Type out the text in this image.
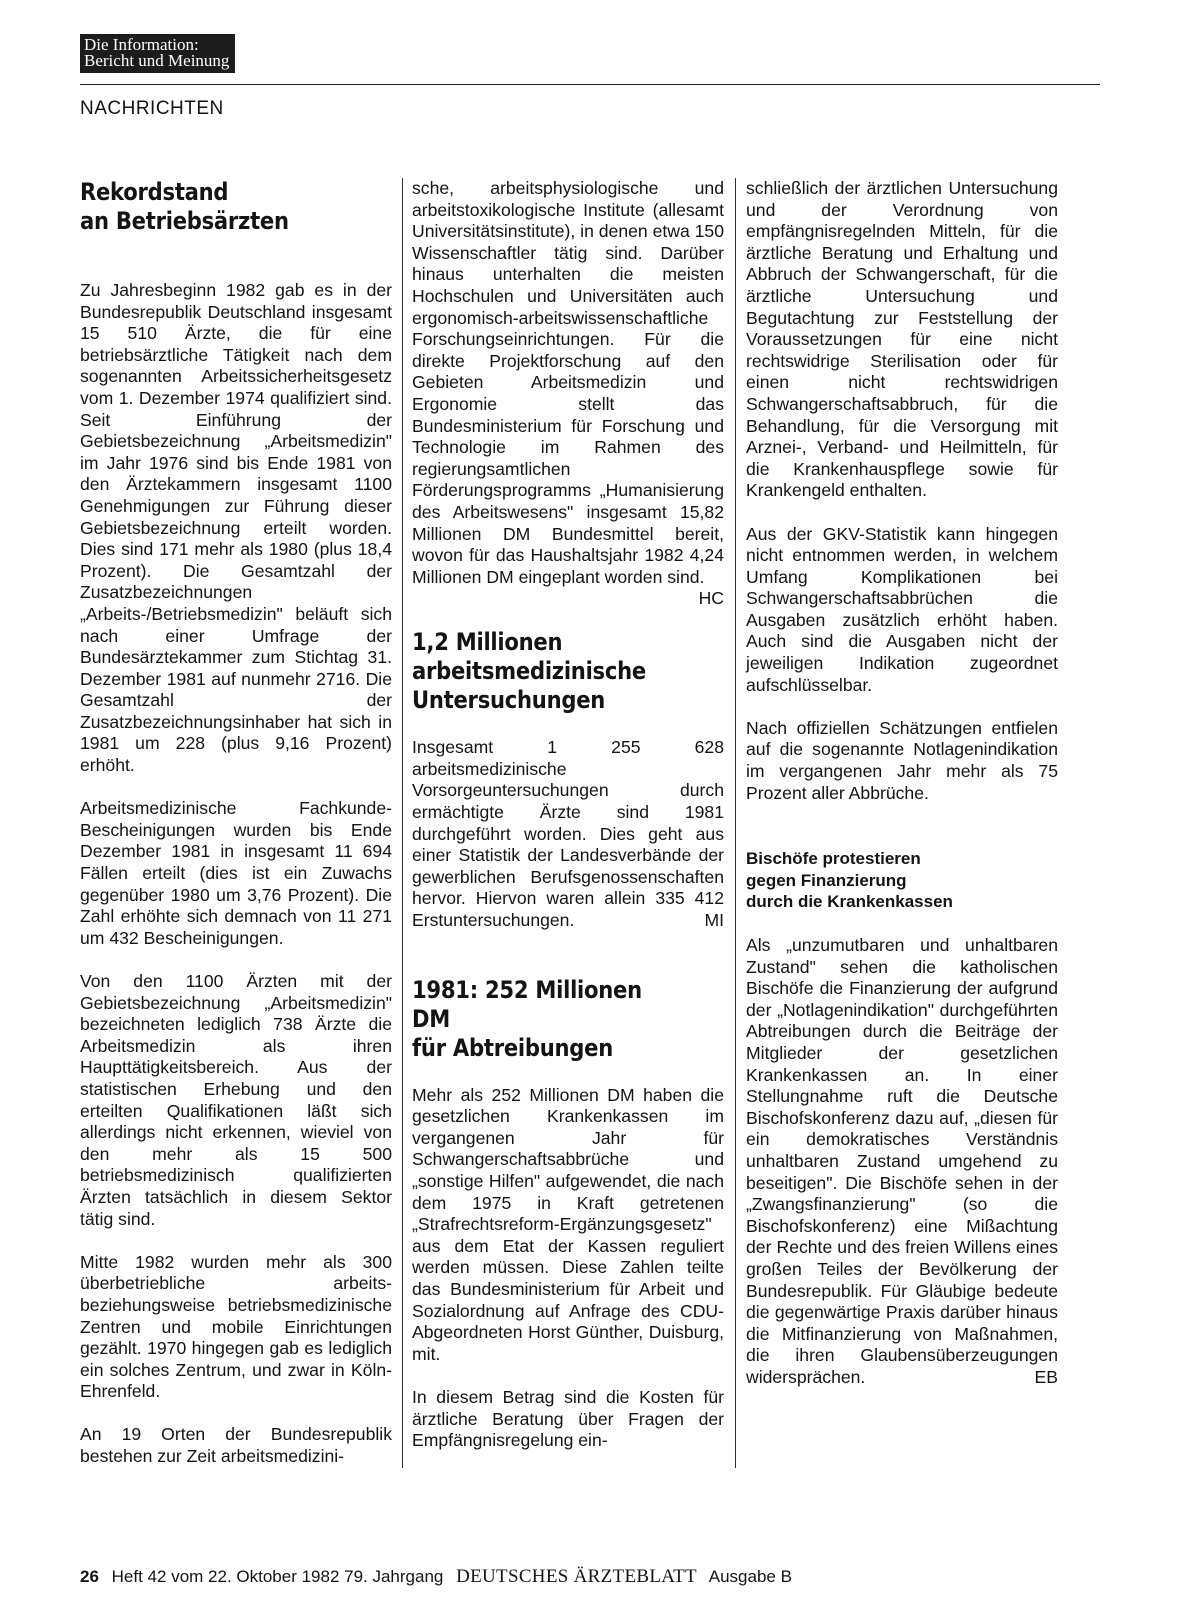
Die Information:
Bericht und Meinung
NACHRICHTEN
Rekordstand
an Betriebsärzten

Zu Jahresbeginn 1982 gab es in der Bundesrepublik Deutschland insgesamt 15 510 Ärzte, die für eine betriebsärztliche Tätigkeit nach dem sogenannten Arbeitssicherheitsgesetz vom 1. Dezember 1974 qualifiziert sind. Seit Einführung der Gebietsbezeichnung „Arbeitsmedizin" im Jahr 1976 sind bis Ende 1981 von den Ärztekammern insgesamt 1100 Genehmigungen zur Führung dieser Gebietsbezeichnung erteilt worden. Dies sind 171 mehr als 1980 (plus 18,4 Prozent). Die Gesamtzahl der Zusatzbezeichnungen „Arbeits-/Betriebsmedizin" beläuft sich nach einer Umfrage der Bundesärztekammer zum Stichtag 31. Dezember 1981 auf nunmehr 2716. Die Gesamtzahl der Zusatzbezeichnungsinhaber hat sich in 1981 um 228 (plus 9,16 Prozent) erhöht.

Arbeitsmedizinische Fachkunde-Bescheinigungen wurden bis Ende Dezember 1981 in insgesamt 11 694 Fällen erteilt (dies ist ein Zuwachs gegenüber 1980 um 3,76 Prozent). Die Zahl erhöhte sich demnach von 11 271 um 432 Bescheinigungen.

Von den 1100 Ärzten mit der Gebietsbezeichnung „Arbeitsmedizin" bezeichneten lediglich 738 Ärzte die Arbeitsmedizin als ihren Haupttätigkeitsbereich. Aus der statistischen Erhebung und den erteilten Qualifikationen läßt sich allerdings nicht erkennen, wieviel von den mehr als 15 500 betriebsmedizinisch qualifizierten Ärzten tatsächlich in diesem Sektor tätig sind.

Mitte 1982 wurden mehr als 300 überbetriebliche arbeits- beziehungsweise betriebsmedizinische Zentren und mobile Einrichtungen gezählt. 1970 hingegen gab es lediglich ein solches Zentrum, und zwar in Köln-Ehrenfeld.

An 19 Orten der Bundesrepublik bestehen zur Zeit arbeitsmedizini-

sche, arbeitsphysiologische und arbeitstoxikologische Institute (allesamt Universitätsinstitute), in denen etwa 150 Wissenschaftler tätig sind. Darüber hinaus unterhalten die meisten Hochschulen und Universitäten auch ergonomisch-arbeitswissenschaftliche Forschungseinrichtungen. Für die direkte Projektforschung auf den Gebieten Arbeitsmedizin und Ergonomie stellt das Bundesministerium für Forschung und Technologie im Rahmen des regierungsamtlichen Förderungsprogramms „Humanisierung des Arbeitswesens" insgesamt 15,82 Millionen DM Bundesmittel bereit, wovon für das Haushaltsjahr 1982 4,24 Millionen DM eingeplant worden sind.
HC

1,2 Millionen
arbeitsmedizinische
Untersuchungen

Insgesamt 1 255 628 arbeitsmedizinische Vorsorgeuntersuchungen durch ermächtigte Ärzte sind 1981 durchgeführt worden. Dies geht aus einer Statistik der Landesverbände der gewerblichen Berufsgenossenschaften hervor. Hiervon waren allein 335 412 Erstuntersuchungen.	MI

1981: 252 Millionen DM
für Abtreibungen

Mehr als 252 Millionen DM haben die gesetzlichen Krankenkassen im vergangenen Jahr für Schwangerschaftsabbrüche und „sonstige Hilfen" aufgewendet, die nach dem 1975 in Kraft getretenen „Strafrechtsreform-Ergänzungsgesetz" aus dem Etat der Kassen reguliert werden müssen. Diese Zahlen teilte das Bundesministerium für Arbeit und Sozialordnung auf Anfrage des CDU-Abgeordneten Horst Günther, Duisburg, mit.

In diesem Betrag sind die Kosten für ärztliche Beratung über Fragen der Empfängnisregelung ein-

schließlich der ärztlichen Untersuchung und der Verordnung von empfängnisregelnden Mitteln, für die ärztliche Beratung und Erhaltung und Abbruch der Schwangerschaft, für die ärztliche Untersuchung und Begutachtung zur Feststellung der Voraussetzungen für eine nicht rechtswidrige Sterilisation oder für einen nicht rechtswidrigen Schwangerschaftsabbruch, für die Behandlung, für die Versorgung mit Arznei-, Verband- und Heilmitteln, für die Krankenhauspflege sowie für Krankengeld enthalten.

Aus der GKV-Statistik kann hingegen nicht entnommen werden, in welchem Umfang Komplikationen bei Schwangerschaftsabbrüchen die Ausgaben zusätzlich erhöht haben. Auch sind die Ausgaben nicht der jeweiligen Indikation zugeordnet aufschlüsselbar.

Nach offiziellen Schätzungen entfielen auf die sogenannte Notlagenindikation im vergangenen Jahr mehr als 75 Prozent aller Abbrüche.

Bischöfe protestieren
gegen Finanzierung
durch die Krankenkassen

Als „unzumutbaren und unhaltbaren Zustand" sehen die katholischen Bischöfe die Finanzierung der aufgrund der „Notlagenindikation" durchgeführten Abtreibungen durch die Beiträge der Mitglieder der gesetzlichen Krankenkassen an. In einer Stellungnahme ruft die Deutsche Bischofskonferenz dazu auf, „diesen für ein demokratisches Verständnis unhaltbaren Zustand umgehend zu beseitigen". Die Bischöfe sehen in der „Zwangsfinanzierung" (so die Bischofskonferenz) eine Mißachtung der Rechte und des freien Willens eines großen Teiles der Bevölkerung der Bundesrepublik. Für Gläubige bedeute die gegenwärtige Praxis darüber hinaus die Mitfinanzierung von Maßnahmen, die ihren Glaubensüberzeugungen widersprächen.	EB

26 Heft 42 vom 22. Oktober 1982 79. Jahrgang DEUTSCHES ÄRZTEBLATT Ausgabe B
